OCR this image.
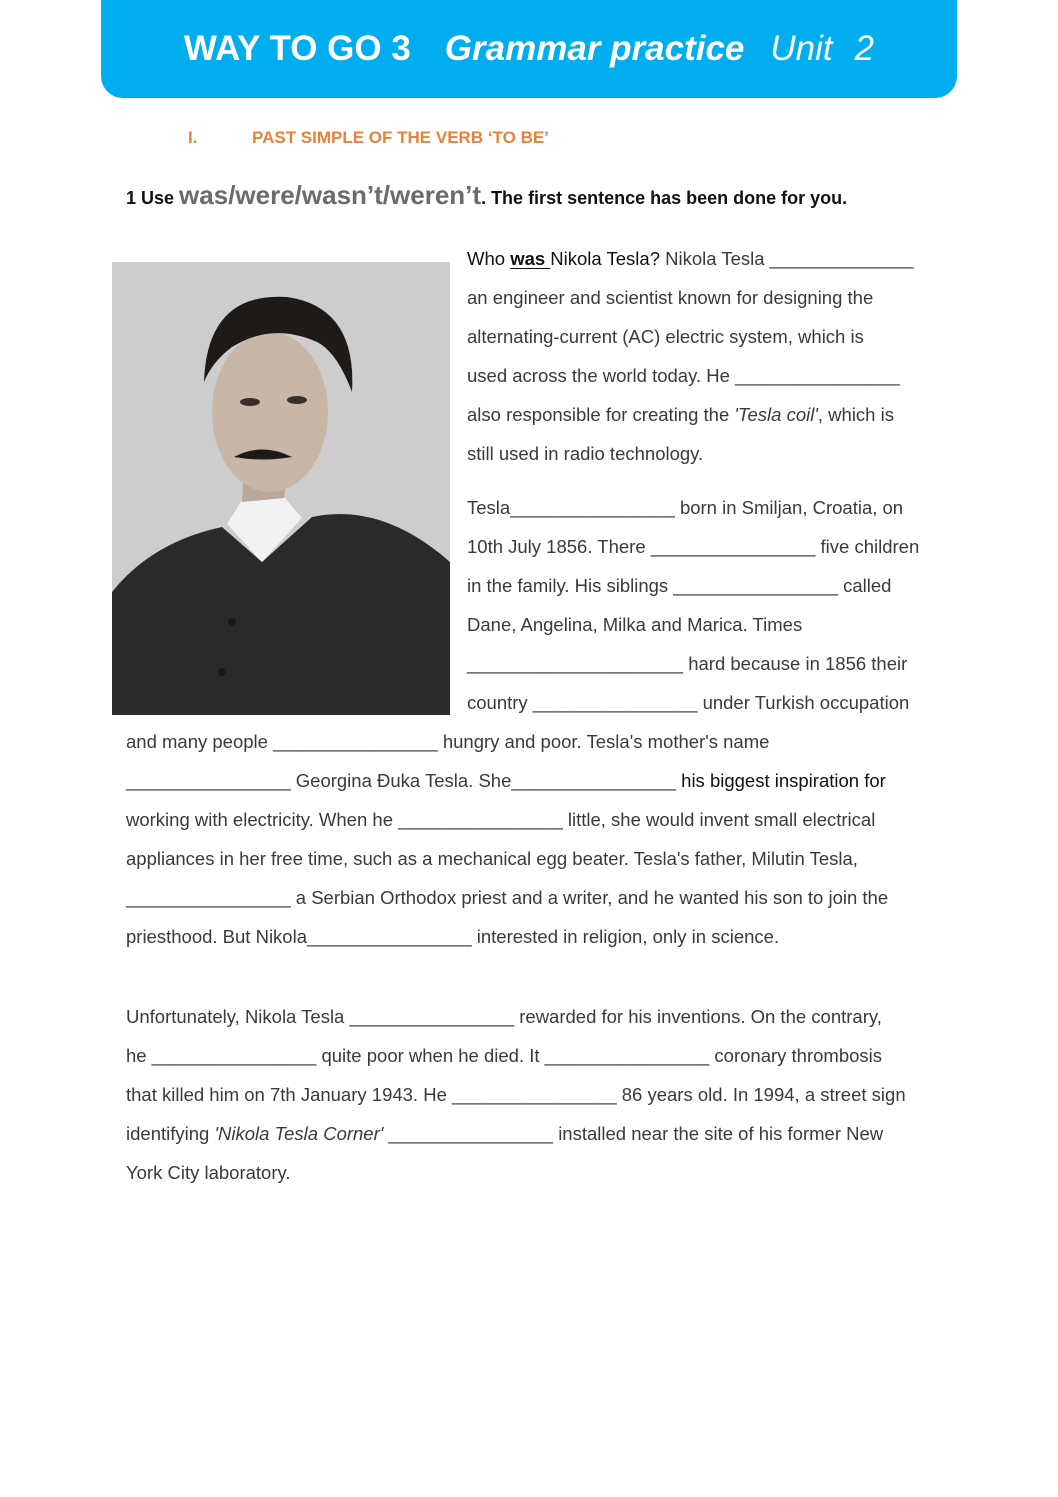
WAY TO GO 3 Grammar practice Unit 2
I.	PAST SIMPLE OF THE VERB ‘TO BE’
1 Use was/were/wasn’t/weren’t. The first sentence has been done for you.
Who was Nikola Tesla? Nikola Tesla ______________
an engineer and scientist known for designing the
alternating-current (AC) electric system, which is
used across the world today. He ________________
also responsible for creating the 'Tesla coil', which is
still used in radio technology.
Tesla________________ born in Smiljan, Croatia, on
10th July 1856. There ________________ five children
in the family. His siblings ________________ called
Dane, Angelina, Milka and Marica. Times
_____________________ hard because in 1856 their
country ________________ under Turkish occupation
and many people ________________ hungry and poor. Tesla's mother's name
________________ Georgina Đuka Tesla. She________________ his biggest inspiration for
working with electricity. When he ________________ little, she would invent small electrical
appliances in her free time, such as a mechanical egg beater. Tesla's father, Milutin Tesla,
________________ a Serbian Orthodox priest and a writer, and he wanted his son to join the
priesthood. But Nikola________________ interested in religion, only in science.
Unfortunately, Nikola Tesla ________________ rewarded for his inventions. On the contrary,
he ________________ quite poor when he died. It ________________ coronary thrombosis
that killed him on 7th January 1943. He ________________ 86 years old. In 1994, a street sign
identifying 'Nikola Tesla Corner' ________________ installed near the site of his former New
York City laboratory.
